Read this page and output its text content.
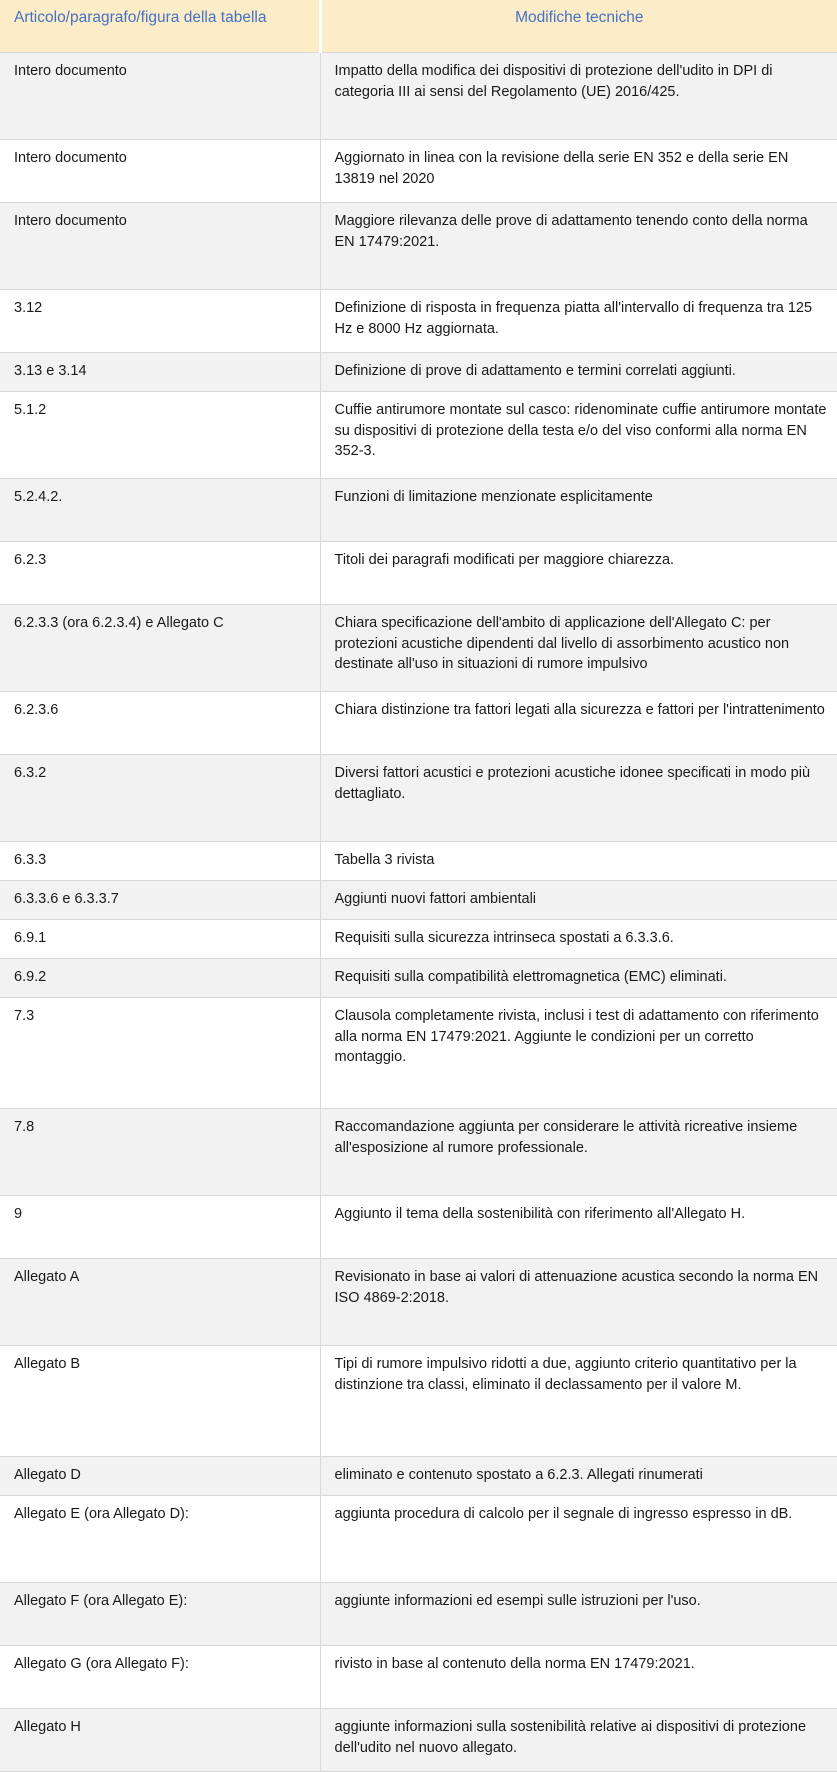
Articolo/paragrafo/figura della tabella	Modifiche tecniche
Intero documento	Impatto della modifica dei dispositivi di protezione dell'udito in DPI di categoria III ai sensi del Regolamento (UE) 2016/425.
Intero documento	Aggiornato in linea con la revisione della serie EN 352 e della serie EN 13819 nel 2020
Intero documento	Maggiore rilevanza delle prove di adattamento tenendo conto della norma EN 17479:2021.
3.12	Definizione di risposta in frequenza piatta all'intervallo di frequenza tra 125 Hz e 8000 Hz aggiornata.
3.13 e 3.14	Definizione di prove di adattamento e termini correlati aggiunti.
5.1.2	Cuffie antirumore montate sul casco: ridenominate cuffie antirumore montate su dispositivi di protezione della testa e/o del viso conformi alla norma EN 352-3.
5.2.4.2.	Funzioni di limitazione menzionate esplicitamente
6.2.3	Titoli dei paragrafi modificati per maggiore chiarezza.
6.2.3.3 (ora 6.2.3.4) e Allegato C	Chiara specificazione dell'ambito di applicazione dell'Allegato C: per protezioni acustiche dipendenti dal livello di assorbimento acustico non destinate all'uso in situazioni di rumore impulsivo
6.2.3.6	Chiara distinzione tra fattori legati alla sicurezza e fattori per l'intrattenimento
6.3.2	Diversi fattori acustici e protezioni acustiche idonee specificati in modo più dettagliato.
6.3.3	Tabella 3 rivista
6.3.3.6 e 6.3.3.7	Aggiunti nuovi fattori ambientali
6.9.1	Requisiti sulla sicurezza intrinseca spostati a 6.3.3.6.
6.9.2	Requisiti sulla compatibilità elettromagnetica (EMC) eliminati.
7.3	Clausola completamente rivista, inclusi i test di adattamento con riferimento alla norma EN 17479:2021. Aggiunte le condizioni per un corretto montaggio.
7.8	Raccomandazione aggiunta per considerare le attività ricreative insieme all'esposizione al rumore professionale.
9	Aggiunto il tema della sostenibilità con riferimento all'Allegato H.
Allegato A	Revisionato in base ai valori di attenuazione acustica secondo la norma EN ISO 4869-2:2018.
Allegato B	Tipi di rumore impulsivo ridotti a due, aggiunto criterio quantitativo per la distinzione tra classi, eliminato il declassamento per il valore M.
Allegato D	eliminato e contenuto spostato a 6.2.3. Allegati rinumerati
Allegato E (ora Allegato D):	aggiunta procedura di calcolo per il segnale di ingresso espresso in dB.
Allegato F (ora Allegato E):	aggiunte informazioni ed esempi sulle istruzioni per l'uso.
Allegato G (ora Allegato F):	rivisto in base al contenuto della norma EN 17479:2021.
Allegato H	aggiunte informazioni sulla sostenibilità relative ai dispositivi di protezione dell'udito nel nuovo allegato.
